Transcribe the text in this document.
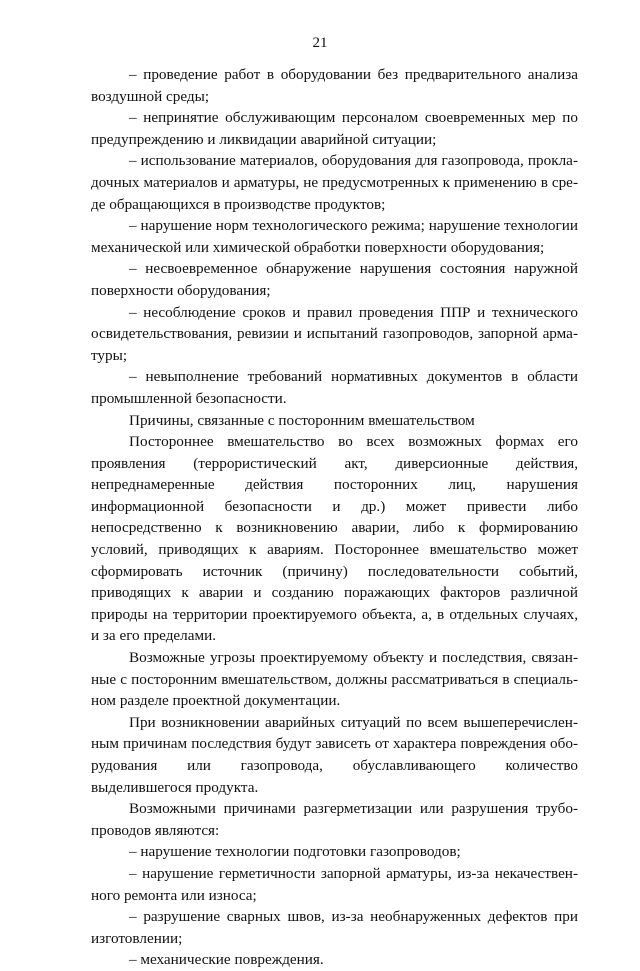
21

– проведение работ в оборудовании без предварительного анализа воздушной среды;

– непринятие обслуживающим персоналом своевременных мер по предупреждению и ликвидации аварийной ситуации;

– использование материалов, оборудования для газопровода, прокладочных материалов и арматуры, не предусмотренных к применению в среде обращающихся в производстве продуктов;

– нарушение норм технологического режима; нарушение технологии механической или химической обработки поверхности оборудования;

– несвоевременное обнаружение нарушения состояния наружной поверхности оборудования;

– несоблюдение сроков и правил проведения ППР и технического освидетельствования, ревизии и испытаний газопроводов, запорной арматуры;

– невыполнение требований нормативных документов в области промышленной безопасности.

Причины, связанные с посторонним вмешательством

Постороннее вмешательство во всех возможных формах его проявления (террористический акт, диверсионные действия, непреднамеренные действия посторонних лиц, нарушения информационной безопасности и др.) может привести либо непосредственно к возникновению аварии, либо к формированию условий, приводящих к авариям. Постороннее вмешательство может сформировать источник (причину) последовательности событий, приводящих к аварии и созданию поражающих факторов различной природы на территории проектируемого объекта, а, в отдельных случаях, и за его пределами.

Возможные угрозы проектируемому объекту и последствия, связанные с посторонним вмешательством, должны рассматриваться в специальном разделе проектной документации.

При возникновении аварийных ситуаций по всем вышеперечисленным причинам последствия будут зависеть от характера повреждения оборудования или газопровода, обуславливающего количество выделившегося продукта.

Возможными причинами разгерметизации или разрушения трубопроводов являются:

– нарушение технологии подготовки газопроводов;

– нарушение герметичности запорной арматуры, из-за некачественного ремонта или износа;

– разрушение сварных швов, из-за необнаруженных дефектов при изготовлении;

– механические повреждения.
